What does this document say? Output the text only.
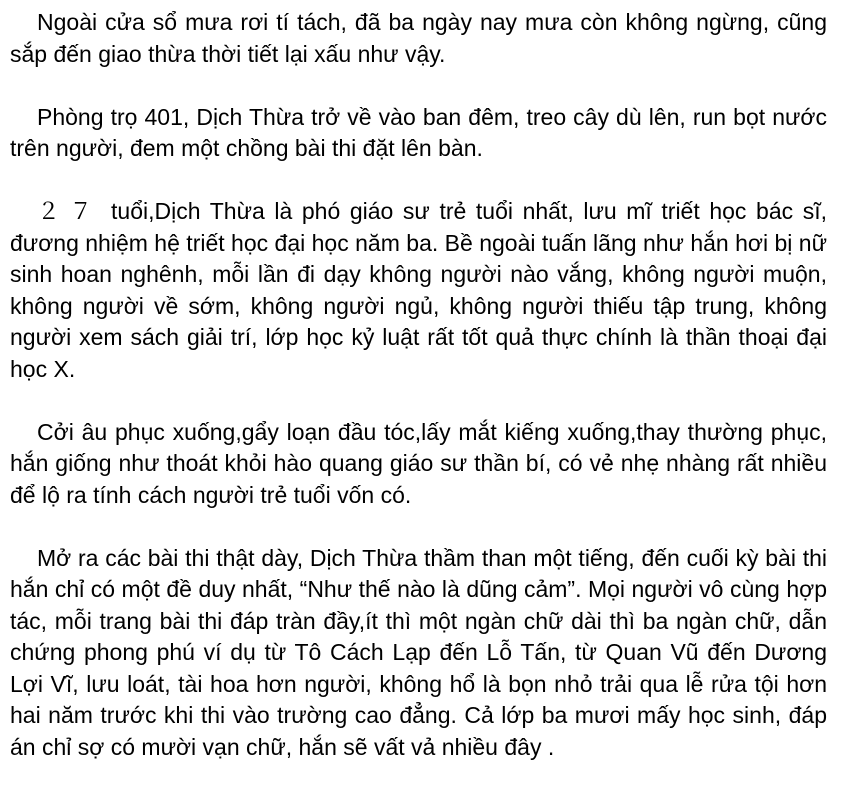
Ngoài cửa sổ mưa rơi tí tách, đã ba ngày nay mưa còn không ngừng, cũng sắp đến giao thừa thời tiết lại xấu như vậy.

Phòng trọ 401, Dịch Thừa trở về vào ban đêm, treo cây dù lên, run bọt nước trên người, đem một chồng bài thi đặt lên bàn.

２７ tuổi,Dịch Thừa là phó giáo sư trẻ tuổi nhất, lưu mĩ triết học bác sĩ, đương nhiệm hệ triết học đại học năm ba. Bề ngoài tuấn lãng như hắn hơi bị nữ sinh hoan nghênh, mỗi lần đi dạy không người nào vắng, không người muộn, không người về sớm, không người ngủ, không người thiếu tập trung, không người xem sách giải trí, lớp học kỷ luật rất tốt quả thực chính là thần thoại đại học X.

Cởi âu phục xuống,gẩy loạn đầu tóc,lấy mắt kiếng xuống,thay thường phục, hắn giống như thoát khỏi hào quang giáo sư thần bí, có vẻ nhẹ nhàng rất nhiều để lộ ra tính cách người trẻ tuổi vốn có.

Mở ra các bài thi thật dày, Dịch Thừa thầm than một tiếng, đến cuối kỳ bài thi hắn chỉ có một đề duy nhất, “Như thế nào là dũng cảm”. Mọi người vô cùng hợp tác, mỗi trang bài thi đáp tràn đầy,ít thì một ngàn chữ dài thì ba ngàn chữ, dẫn chứng phong phú ví dụ từ Tô Cách Lạp đến Lỗ Tấn, từ Quan Vũ đến Dương Lợi Vĩ, lưu loát, tài hoa hơn người, không hổ là bọn nhỏ trải qua lễ rửa tội hơn hai năm trước khi thi vào trường cao đẳng. Cả lớp ba mươi mấy học sinh, đáp án chỉ sợ có mười vạn chữ, hắn sẽ vất vả nhiều đây .
